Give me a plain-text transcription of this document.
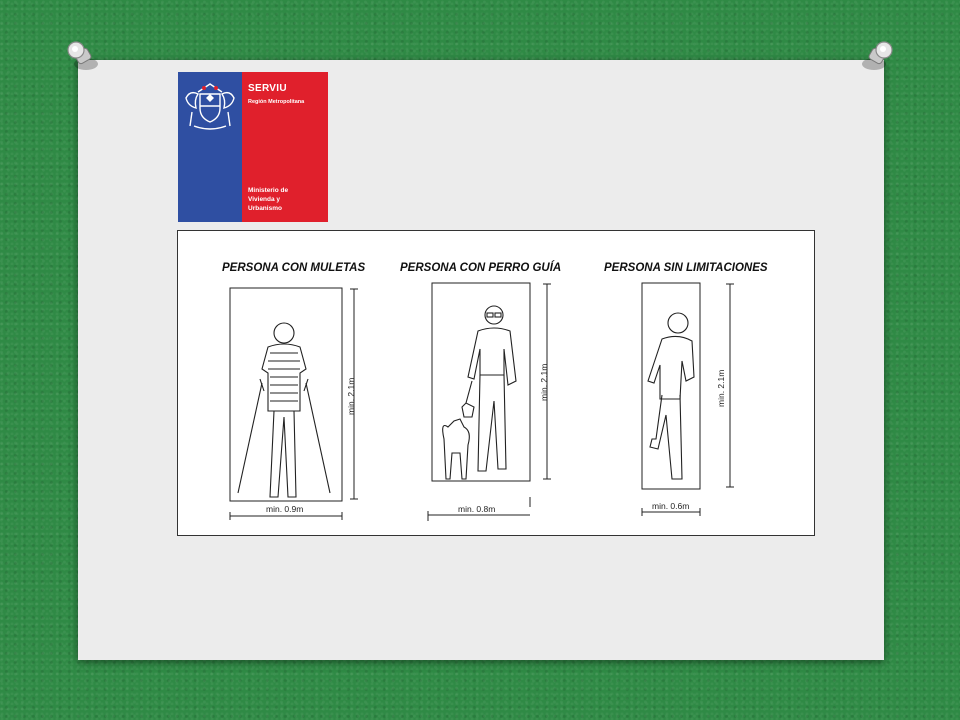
SERVIU
Región Metropolitana
Ministerio de
Vivienda y
Urbanismo
PERSONA CON MULETAS	PERSONA CON PERRO GUÍA	PERSONA SIN LIMITACIONES
min. 0.9m	min. 0.8m	min. 0.6m
min. 2.1m	min. 2.1m	min. 2.1m
